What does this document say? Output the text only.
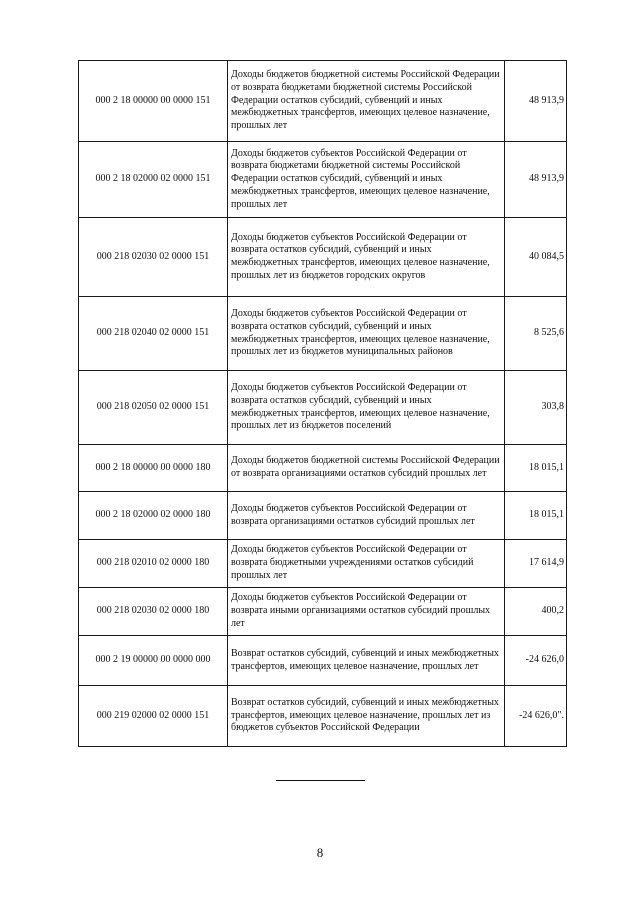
000 2 18 00000 00 0000 151	Доходы бюджетов бюджетной системы Российской Федерации от возврата бюджетами бюджетной системы Российской Федерации остатков субсидий, субвенций и иных межбюджетных трансфертов, имеющих целевое назначение, прошлых лет	48 913,9
000 2 18 02000 02 0000 151	Доходы бюджетов субъектов Российской Федерации от возврата бюджетами бюджетной системы Российской Федерации остатков субсидий, субвенций и иных межбюджетных трансфертов, имеющих целевое назначение, прошлых лет	48 913,9
000 218 02030 02 0000 151	Доходы бюджетов субъектов Российской Федерации от возврата остатков субсидий, субвенций и иных межбюджетных трансфертов, имеющих целевое назначение, прошлых лет из бюджетов городских округов	40 084,5
000 218 02040 02 0000 151	Доходы бюджетов субъектов Российской Федерации от возврата остатков субсидий, субвенций и иных межбюджетных трансфертов, имеющих целевое назначение, прошлых лет из бюджетов муниципальных районов	8 525,6
000 218 02050 02 0000 151	Доходы бюджетов субъектов Российской Федерации от возврата остатков субсидий, субвенций и иных межбюджетных трансфертов, имеющих целевое назначение, прошлых лет из бюджетов поселений	303,8
000 2 18 00000 00 0000 180	Доходы бюджетов бюджетной системы Российской Федерации от возврата организациями остатков субсидий прошлых лет	18 015,1
000 2 18 02000 02 0000 180	Доходы бюджетов субъектов Российской Федерации от возврата организациями остатков субсидий прошлых лет	18 015,1
000 218 02010 02 0000 180	Доходы бюджетов субъектов Российской Федерации от возврата бюджетными учреждениями остатков субсидий прошлых лет	17 614,9
000 218 02030 02 0000 180	Доходы бюджетов субъектов Российской Федерации от возврата иными организациями остатков субсидий прошлых лет	400,2
000 2 19 00000 00 0000 000	Возврат остатков субсидий, субвенций и иных межбюджетных трансфертов, имеющих целевое назначение, прошлых лет	-24 626,0
000 219 02000 02 0000 151	Возврат остатков субсидий, субвенций и иных межбюджетных трансфертов, имеющих целевое назначение, прошлых лет из бюджетов субъектов Российской Федерации	-24 626,0".
8
